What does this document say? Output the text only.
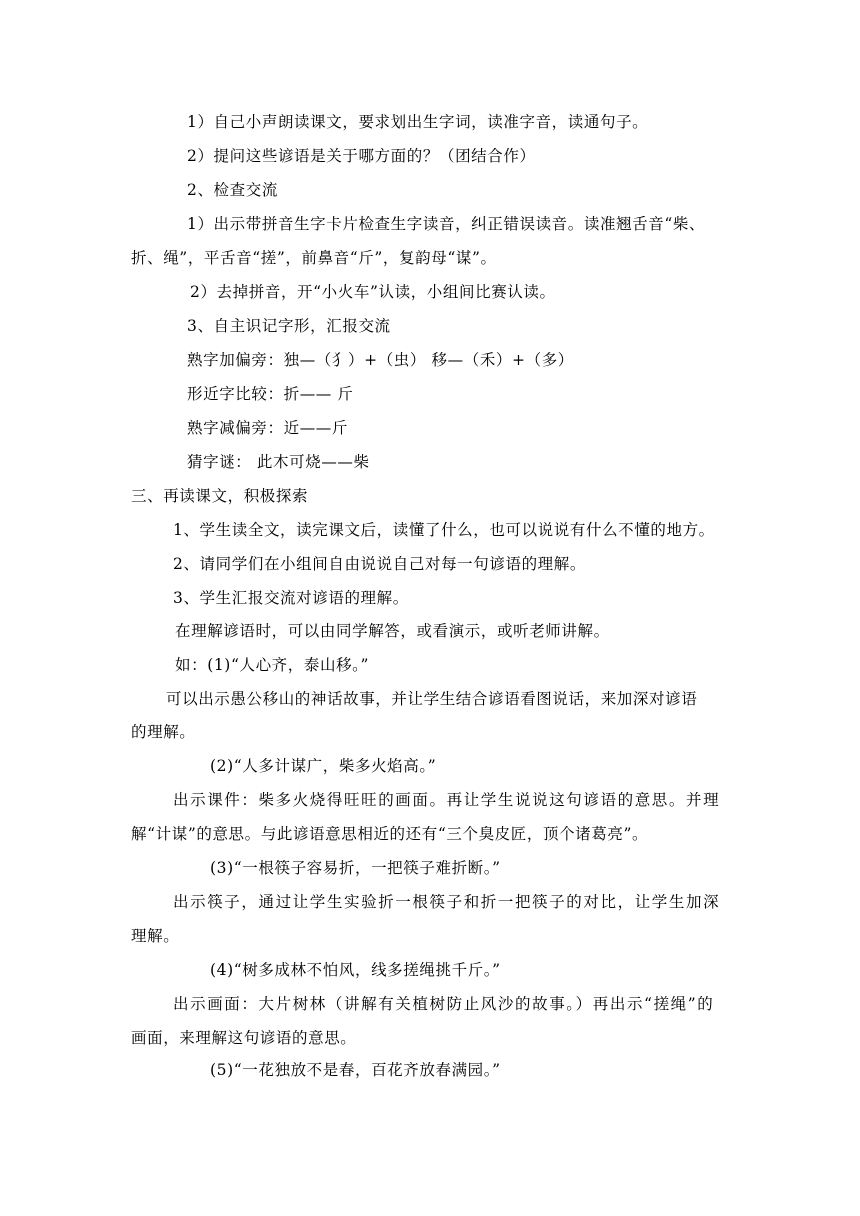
1）自己小声朗读课文，要求划出生字词，读准字音，读通句子。
2）提问这些谚语是关于哪方面的？（团结合作）
2、检查交流
1）出示带拼音生字卡片检查生字读音，纠正错误读音。读准翘舌音“柴、
折、绳”，平舌音“搓”，前鼻音“斤”，复韵母“谋”。
2）去掉拼音，开“小火车”认读，小组间比赛认读。
3、自主识记字形，汇报交流
熟字加偏旁：独—（犭）+（虫） 移—（禾）+（多）
形近字比较：折—— 斤
熟字减偏旁：近——斤
猜字谜： 此木可烧——柴
三、再读课文，积极探索
1、学生读全文，读完课文后，读懂了什么，也可以说说有什么不懂的地方。
2、请同学们在小组间自由说说自己对每一句谚语的理解。
3、学生汇报交流对谚语的理解。
在理解谚语时，可以由同学解答，或看演示，或听老师讲解。
如：(1)“人心齐，泰山移。”
可以出示愚公移山的神话故事，并让学生结合谚语看图说话，来加深对谚语
的理解。
(2)“人多计谋广，柴多火焰高。”
出示课件：柴多火烧得旺旺的画面。再让学生说说这句谚语的意思。并理
解“计谋”的意思。与此谚语意思相近的还有“三个臭皮匠，顶个诸葛亮”。
(3)“一根筷子容易折，一把筷子难折断。”
出示筷子，通过让学生实验折一根筷子和折一把筷子的对比，让学生加深
理解。
(4)“树多成林不怕风，线多搓绳挑千斤。”
出示画面：大片树林（讲解有关植树防止风沙的故事。）再出示“搓绳”的
画面，来理解这句谚语的意思。
(5)“一花独放不是春，百花齐放春满园。”
